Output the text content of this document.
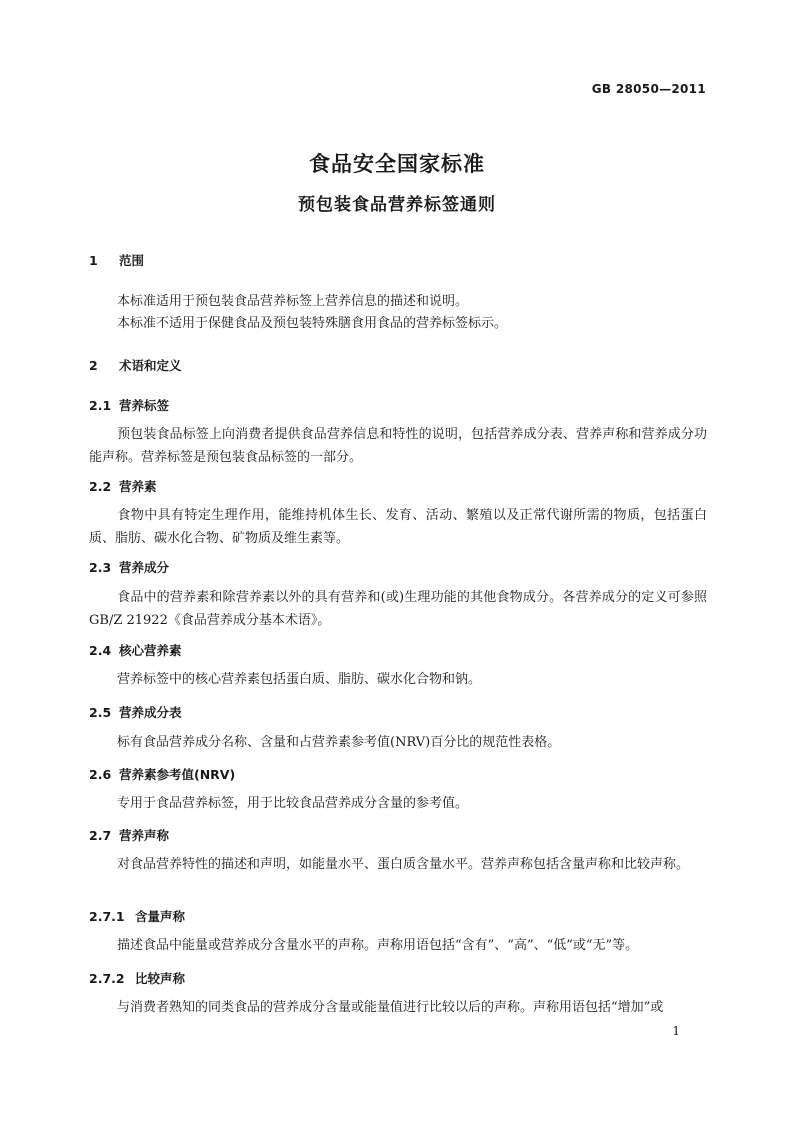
GB 28050—2011
食品安全国家标准
预包装食品营养标签通则
1 范围
本标准适用于预包装食品营养标签上营养信息的描述和说明。
本标准不适用于保健食品及预包装特殊膳食用食品的营养标签标示。
2 术语和定义
2.1 营养标签
预包装食品标签上向消费者提供食品营养信息和特性的说明，包括营养成分表、营养声称和营养成分功能声称。营养标签是预包装食品标签的一部分。
2.2 营养素
食物中具有特定生理作用，能维持机体生长、发育、活动、繁殖以及正常代谢所需的物质，包括蛋白质、脂肪、碳水化合物、矿物质及维生素等。
2.3 营养成分
食品中的营养素和除营养素以外的具有营养和(或)生理功能的其他食物成分。各营养成分的定义可参照GB/Z 21922《食品营养成分基本术语》。
2.4 核心营养素
营养标签中的核心营养素包括蛋白质、脂肪、碳水化合物和钠。
2.5 营养成分表
标有食品营养成分名称、含量和占营养素参考值(NRV)百分比的规范性表格。
2.6 营养素参考值(NRV)
专用于食品营养标签，用于比较食品营养成分含量的参考值。
2.7 营养声称
对食品营养特性的描述和声明，如能量水平、蛋白质含量水平。营养声称包括含量声称和比较声称。
2.7.1 含量声称
描述食品中能量或营养成分含量水平的声称。声称用语包括“含有”、“高”、“低”或“无”等。
2.7.2 比较声称
与消费者熟知的同类食品的营养成分含量或能量值进行比较以后的声称。声称用语包括“增加”或
1
